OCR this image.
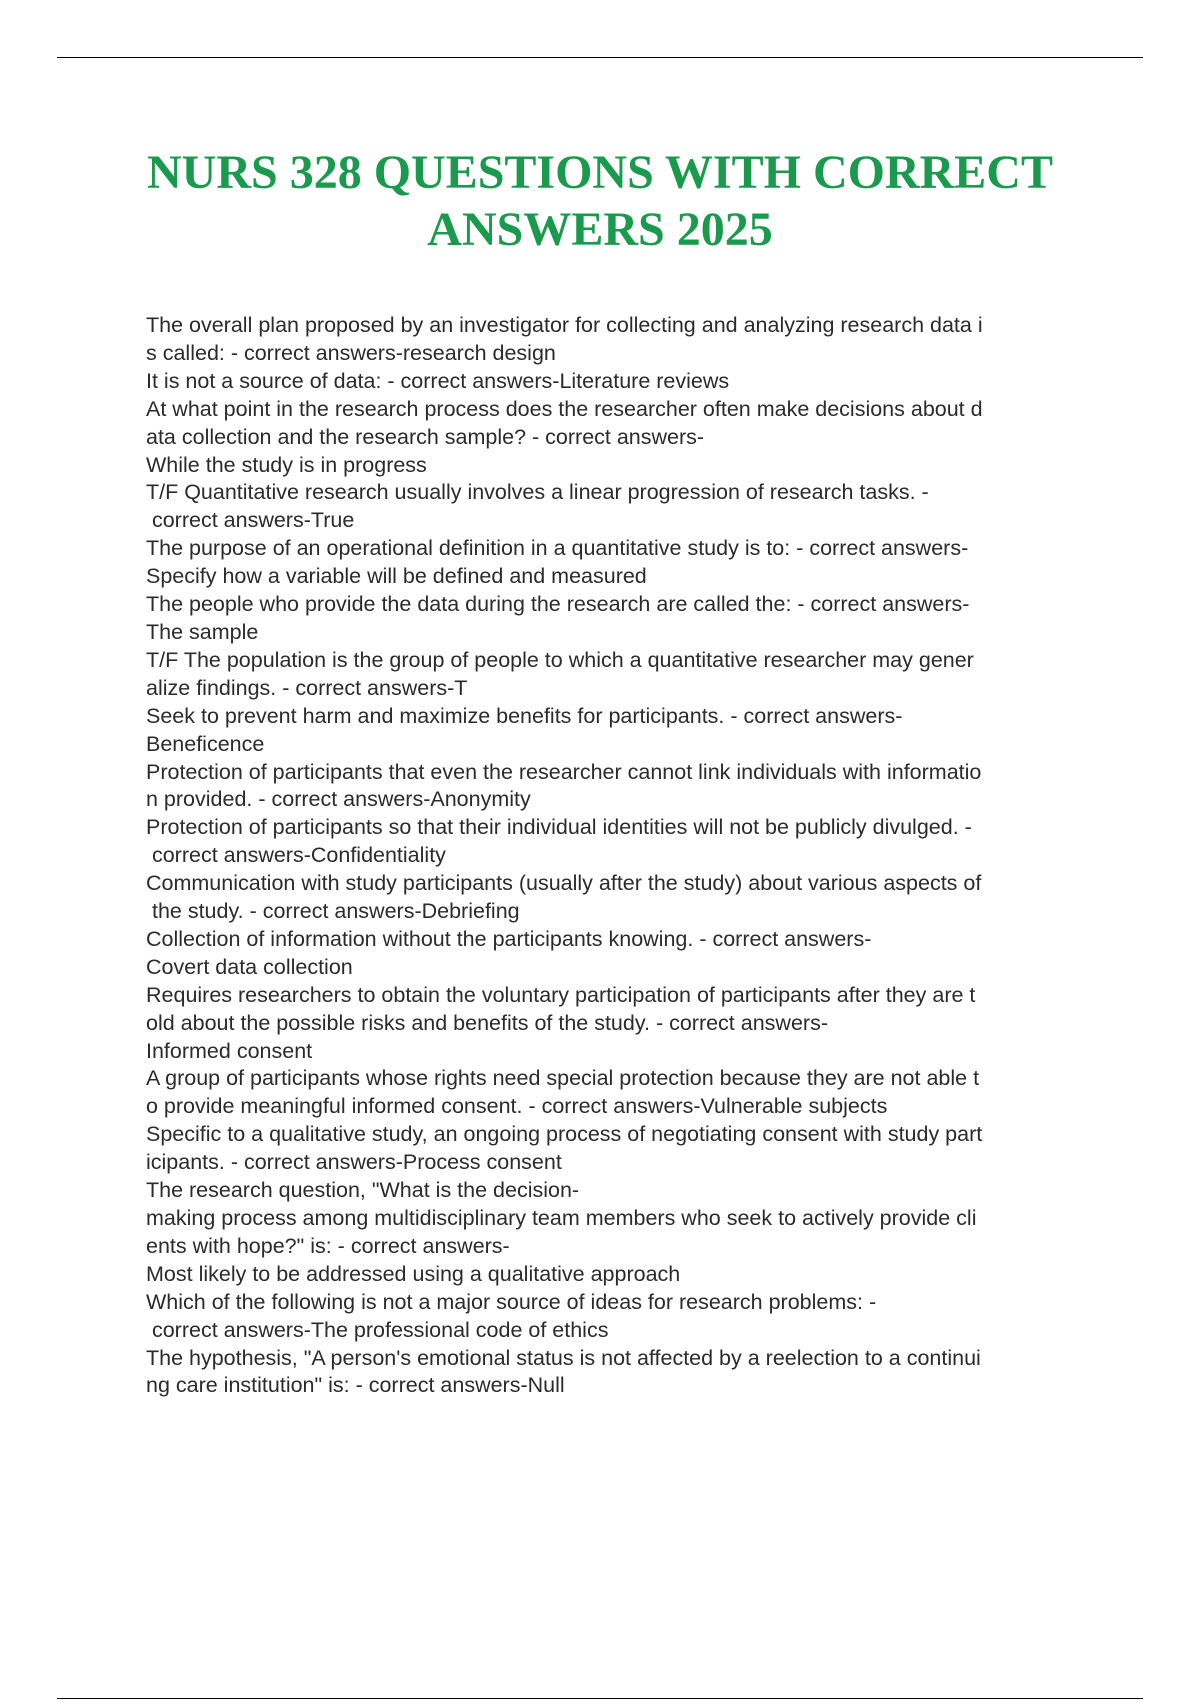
NURS 328 QUESTIONS WITH CORRECT
ANSWERS 2025
The overall plan proposed by an investigator for collecting and analyzing research data i
s called: - correct answers-research design
It is not a source of data: - correct answers-Literature reviews
At what point in the research process does the researcher often make decisions about d
ata collection and the research sample? - correct answers-
While the study is in progress
T/F Quantitative research usually involves a linear progression of research tasks. -
correct answers-True
The purpose of an operational definition in a quantitative study is to: - correct answers-
Specify how a variable will be defined and measured
The people who provide the data during the research are called the: - correct answers-
The sample
T/F The population is the group of people to which a quantitative researcher may gener
alize findings. - correct answers-T
Seek to prevent harm and maximize benefits for participants. - correct answers-
Beneficence
Protection of participants that even the researcher cannot link individuals with informatio
n provided. - correct answers-Anonymity
Protection of participants so that their individual identities will not be publicly divulged. -
correct answers-Confidentiality
Communication with study participants (usually after the study) about various aspects of
the study. - correct answers-Debriefing
Collection of information without the participants knowing. - correct answers-
Covert data collection
Requires researchers to obtain the voluntary participation of participants after they are t
old about the possible risks and benefits of the study. - correct answers-
Informed consent
A group of participants whose rights need special protection because they are not able t
o provide meaningful informed consent. - correct answers-Vulnerable subjects
Specific to a qualitative study, an ongoing process of negotiating consent with study part
icipants. - correct answers-Process consent
The research question, "What is the decision-
making process among multidisciplinary team members who seek to actively provide cli
ents with hope?" is: - correct answers-
Most likely to be addressed using a qualitative approach
Which of the following is not a major source of ideas for research problems: -
correct answers-The professional code of ethics
The hypothesis, "A person's emotional status is not affected by a reelection to a continui
ng care institution" is: - correct answers-Null
